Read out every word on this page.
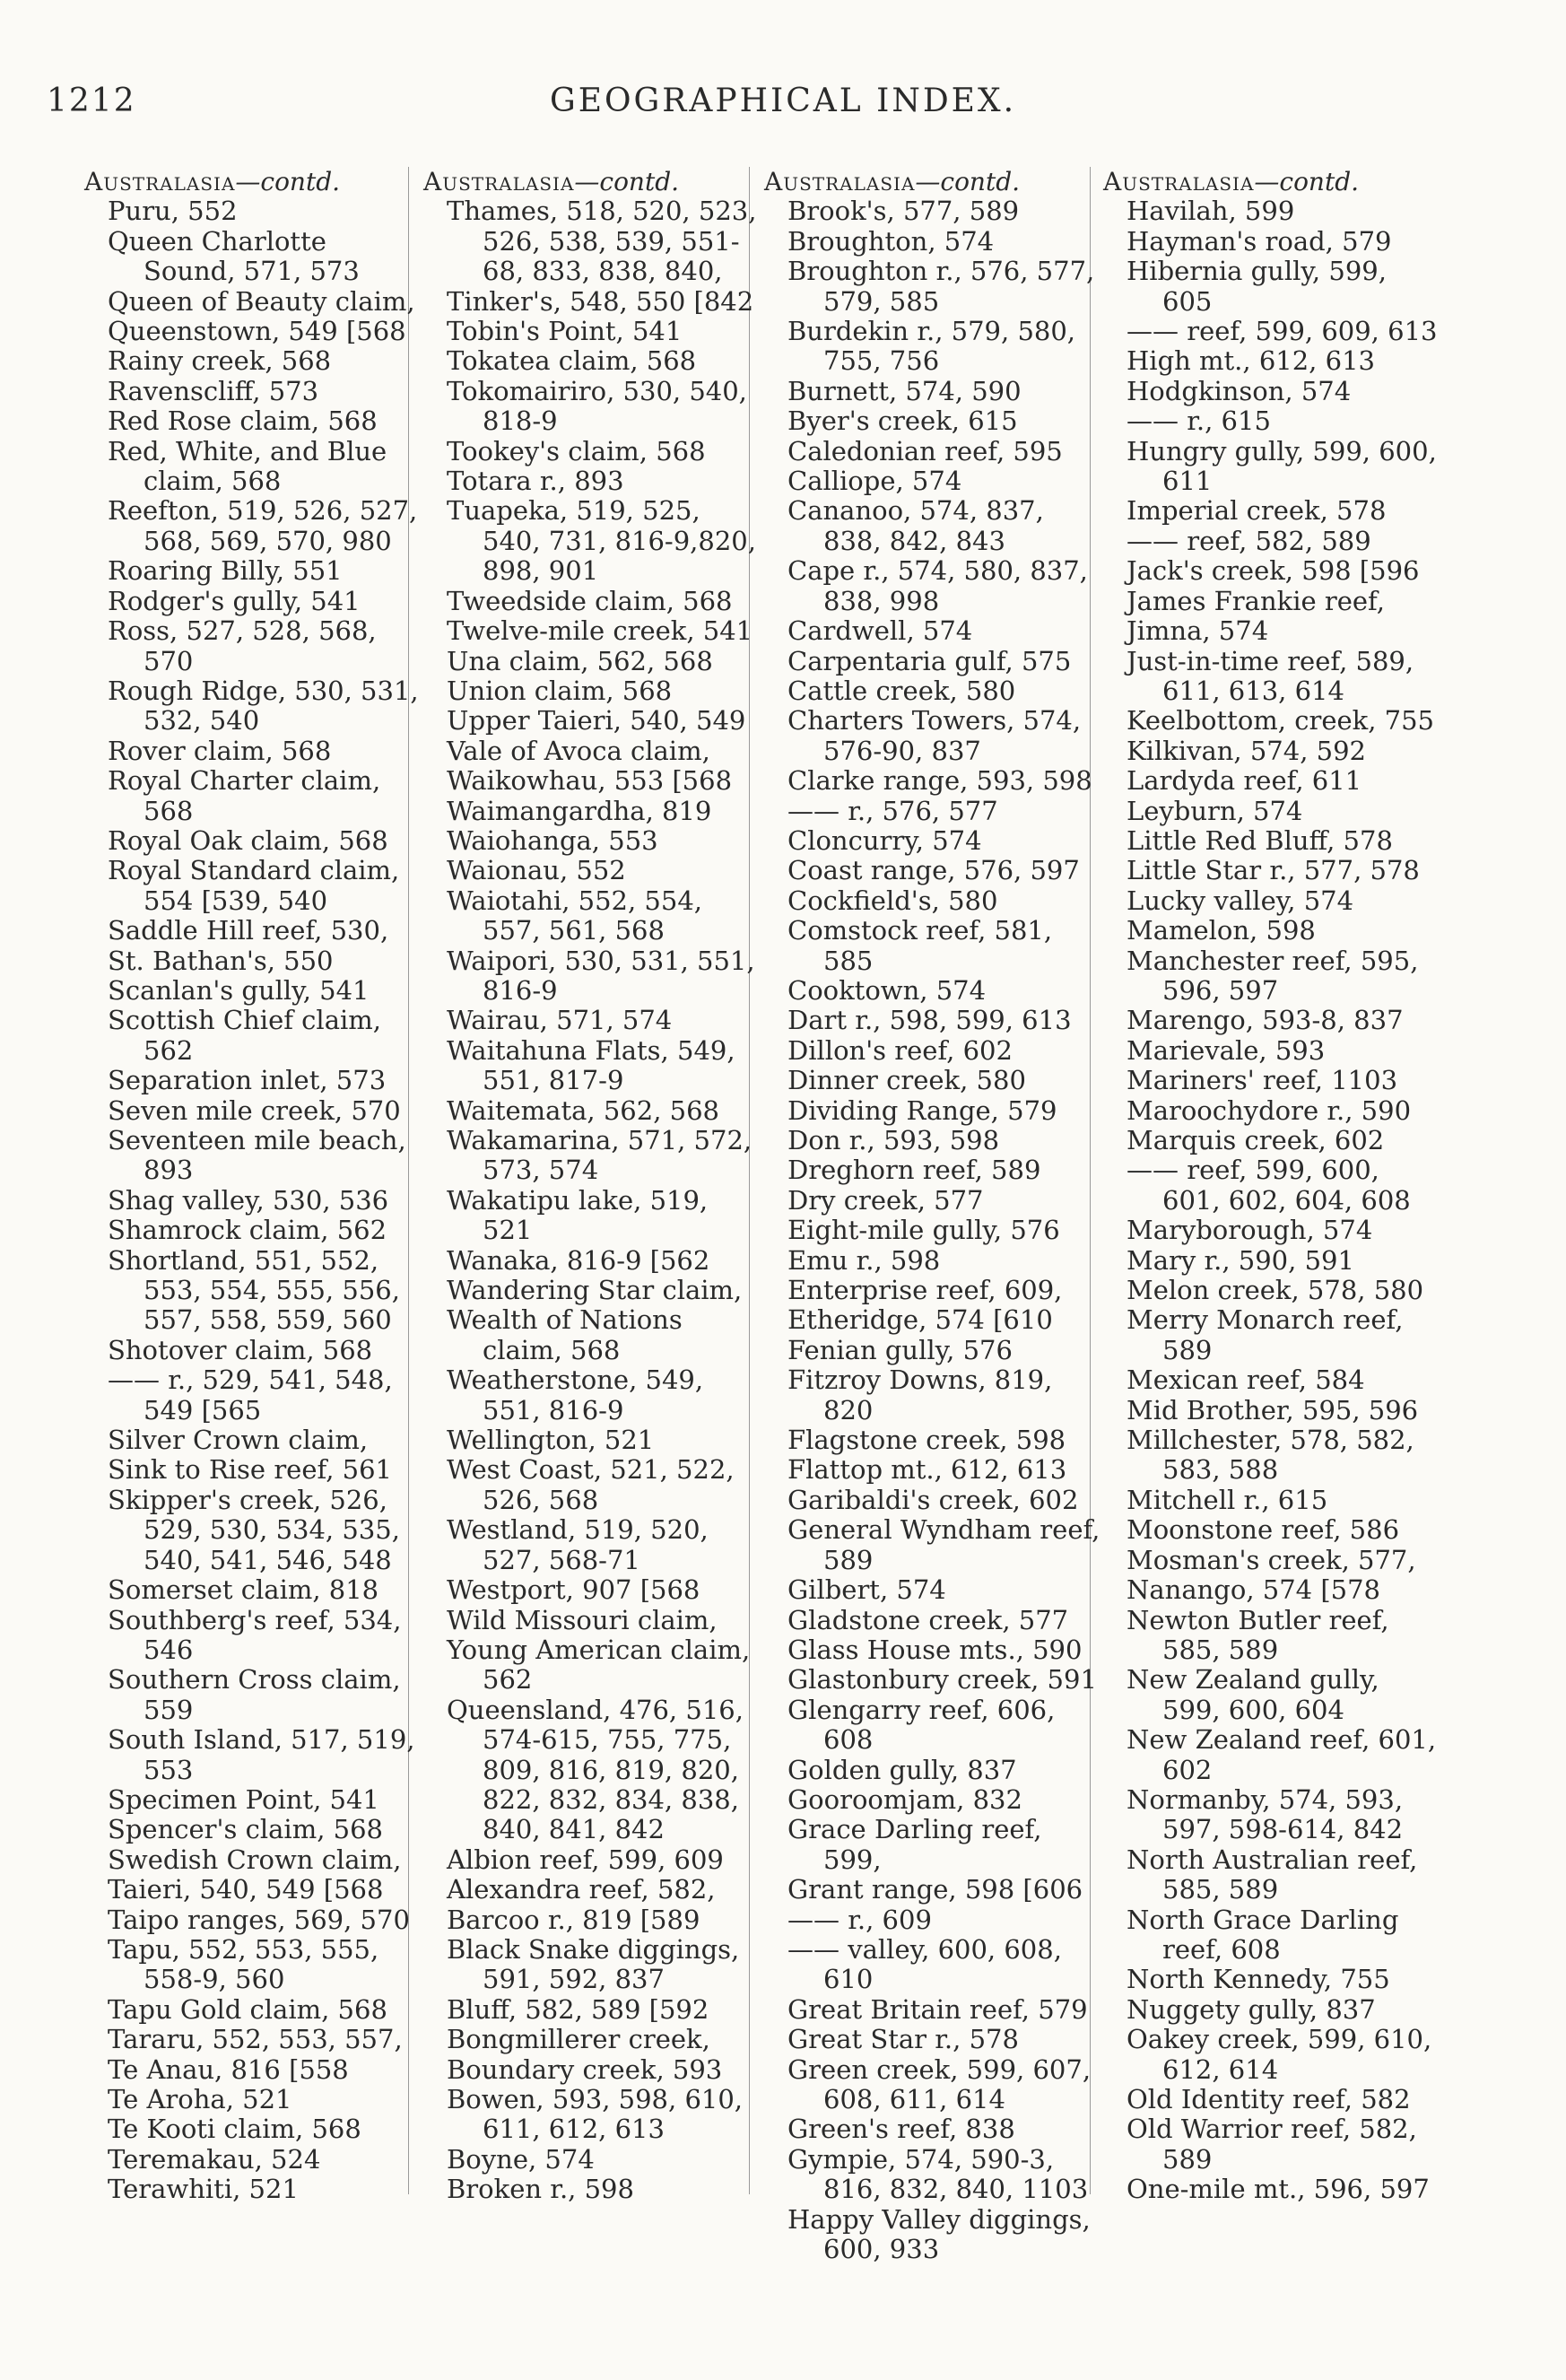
1212	GEOGRAPHICAL INDEX.
Australasia—contd.
Puru, 552
Queen Charlotte Sound, 571, 573
Queen of Beauty claim,
Queenstown, 549 [568
Rainy creek, 568
Ravenscliff, 573
Red Rose claim, 568
Red, White, and Blue claim, 568
Reefton, 519, 526, 527, 568, 569, 570, 980
Roaring Billy, 551
Rodger's gully, 541
Ross, 527, 528, 568, 570
Rough Ridge, 530, 531, 532, 540
Rover claim, 568
Royal Charter claim, 568
Royal Oak claim, 568
Royal Standard claim, 554 [539, 540
Saddle Hill reef, 530,
St. Bathan's, 550
Scanlan's gully, 541
Scottish Chief claim, 562
Separation inlet, 573
Seven mile creek, 570
Seventeen mile beach, 893
Shag valley, 530, 536
Shamrock claim, 562
Shortland, 551, 552, 553, 554, 555, 556, 557, 558, 559, 560
Shotover claim, 568
—— r., 529, 541, 548, 549 [565
Silver Crown claim,
Sink to Rise reef, 561
Skipper's creek, 526, 529, 530, 534, 535, 540, 541, 546, 548
Somerset claim, 818
Southberg's reef, 534, 546
Southern Cross claim, 559
South Island, 517, 519, 553
Specimen Point, 541
Spencer's claim, 568
Swedish Crown claim,
Taieri, 540, 549 [568
Taipo ranges, 569, 570
Tapu, 552, 553, 555, 558-9, 560
Tapu Gold claim, 568
Tararu, 552, 553, 557,
Te Anau, 816 [558
Te Aroha, 521
Te Kooti claim, 568
Teremakau, 524
Terawhiti, 521
Australasia—contd.
Thames, 518, 520, 523, 526, 538, 539, 551-68, 833, 838, 840,
Tinker's, 548, 550 [842
Tobin's Point, 541
Tokatea claim, 568
Tokomairiro, 530, 540, 818-9
Tookey's claim, 568
Totara r., 893
Tuapeka, 519, 525, 540, 731, 816-9,820, 898, 901
Tweedside claim, 568
Twelve-mile creek, 541
Una claim, 562, 568
Union claim, 568
Upper Taieri, 540, 549
Vale of Avoca claim,
Waikowhau, 553 [568
Waimangardha, 819
Waiohanga, 553
Waionau, 552
Waiotahi, 552, 554, 557, 561, 568
Waipori, 530, 531, 551, 816-9
Wairau, 571, 574
Waitahuna Flats, 549, 551, 817-9
Waitemata, 562, 568
Wakamarina, 571, 572, 573, 574
Wakatipu lake, 519, 521
Wanaka, 816-9 [562
Wandering Star claim,
Wealth of Nations claim, 568
Weatherstone, 549, 551, 816-9
Wellington, 521
West Coast, 521, 522, 526, 568
Westland, 519, 520, 527, 568-71
Westport, 907 [568
Wild Missouri claim,
Young American claim, 562
Queensland, 476, 516, 574-615, 755, 775, 809, 816, 819, 820, 822, 832, 834, 838, 840, 841, 842
Albion reef, 599, 609
Alexandra reef, 582,
Barcoo r., 819 [589
Black Snake diggings, 591, 592, 837
Bluff, 582, 589 [592
Bongmillerer creek,
Boundary creek, 593
Bowen, 593, 598, 610, 611, 612, 613
Boyne, 574
Broken r., 598
Australasia—contd.
Brook's, 577, 589
Broughton, 574
Broughton r., 576, 577, 579, 585
Burdekin r., 579, 580, 755, 756
Burnett, 574, 590
Byer's creek, 615
Caledonian reef, 595
Calliope, 574
Cananoo, 574, 837, 838, 842, 843
Cape r., 574, 580, 837, 838, 998
Cardwell, 574
Carpentaria gulf, 575
Cattle creek, 580
Charters Towers, 574, 576-90, 837
Clarke range, 593, 598
—— r., 576, 577
Cloncurry, 574
Coast range, 576, 597
Cockfield's, 580
Comstock reef, 581, 585
Cooktown, 574
Dart r., 598, 599, 613
Dillon's reef, 602
Dinner creek, 580
Dividing Range, 579
Don r., 593, 598
Dreghorn reef, 589
Dry creek, 577
Eight-mile gully, 576
Emu r., 598
Enterprise reef, 609,
Etheridge, 574 [610
Fenian gully, 576
Fitzroy Downs, 819, 820
Flagstone creek, 598
Flattop mt., 612, 613
Garibaldi's creek, 602
General Wyndham reef, 589
Gilbert, 574
Gladstone creek, 577
Glass House mts., 590
Glastonbury creek, 591
Glengarry reef, 606, 608
Golden gully, 837
Gooroomjam, 832
Grace Darling reef, 599,
Grant range, 598 [606
—— r., 609
—— valley, 600, 608, 610
Great Britain reef, 579
Great Star r., 578
Green creek, 599, 607, 608, 611, 614
Green's reef, 838
Gympie, 574, 590-3, 816, 832, 840, 1103
Happy Valley diggings, 600, 933
Australasia—contd.
Havilah, 599
Hayman's road, 579
Hibernia gully, 599, 605
—— reef, 599, 609, 613
High mt., 612, 613
Hodgkinson, 574
—— r., 615
Hungry gully, 599, 600, 611
Imperial creek, 578
—— reef, 582, 589
Jack's creek, 598 [596
James Frankie reef,
Jimna, 574
Just-in-time reef, 589, 611, 613, 614
Keelbottom, creek, 755
Kilkivan, 574, 592
Lardyda reef, 611
Leyburn, 574
Little Red Bluff, 578
Little Star r., 577, 578
Lucky valley, 574
Mamelon, 598
Manchester reef, 595, 596, 597
Marengo, 593-8, 837
Marievale, 593
Mariners' reef, 1103
Maroochydore r., 590
Marquis creek, 602
—— reef, 599, 600, 601, 602, 604, 608
Maryborough, 574
Mary r., 590, 591
Melon creek, 578, 580
Merry Monarch reef, 589
Mexican reef, 584
Mid Brother, 595, 596
Millchester, 578, 582, 583, 588
Mitchell r., 615
Moonstone reef, 586
Mosman's creek, 577,
Nanango, 574 [578
Newton Butler reef, 585, 589
New Zealand gully, 599, 600, 604
New Zealand reef, 601, 602
Normanby, 574, 593, 597, 598-614, 842
North Australian reef, 585, 589
North Grace Darling reef, 608
North Kennedy, 755
Nuggety gully, 837
Oakey creek, 599, 610, 612, 614
Old Identity reef, 582
Old Warrior reef, 582, 589
One-mile mt., 596, 597
